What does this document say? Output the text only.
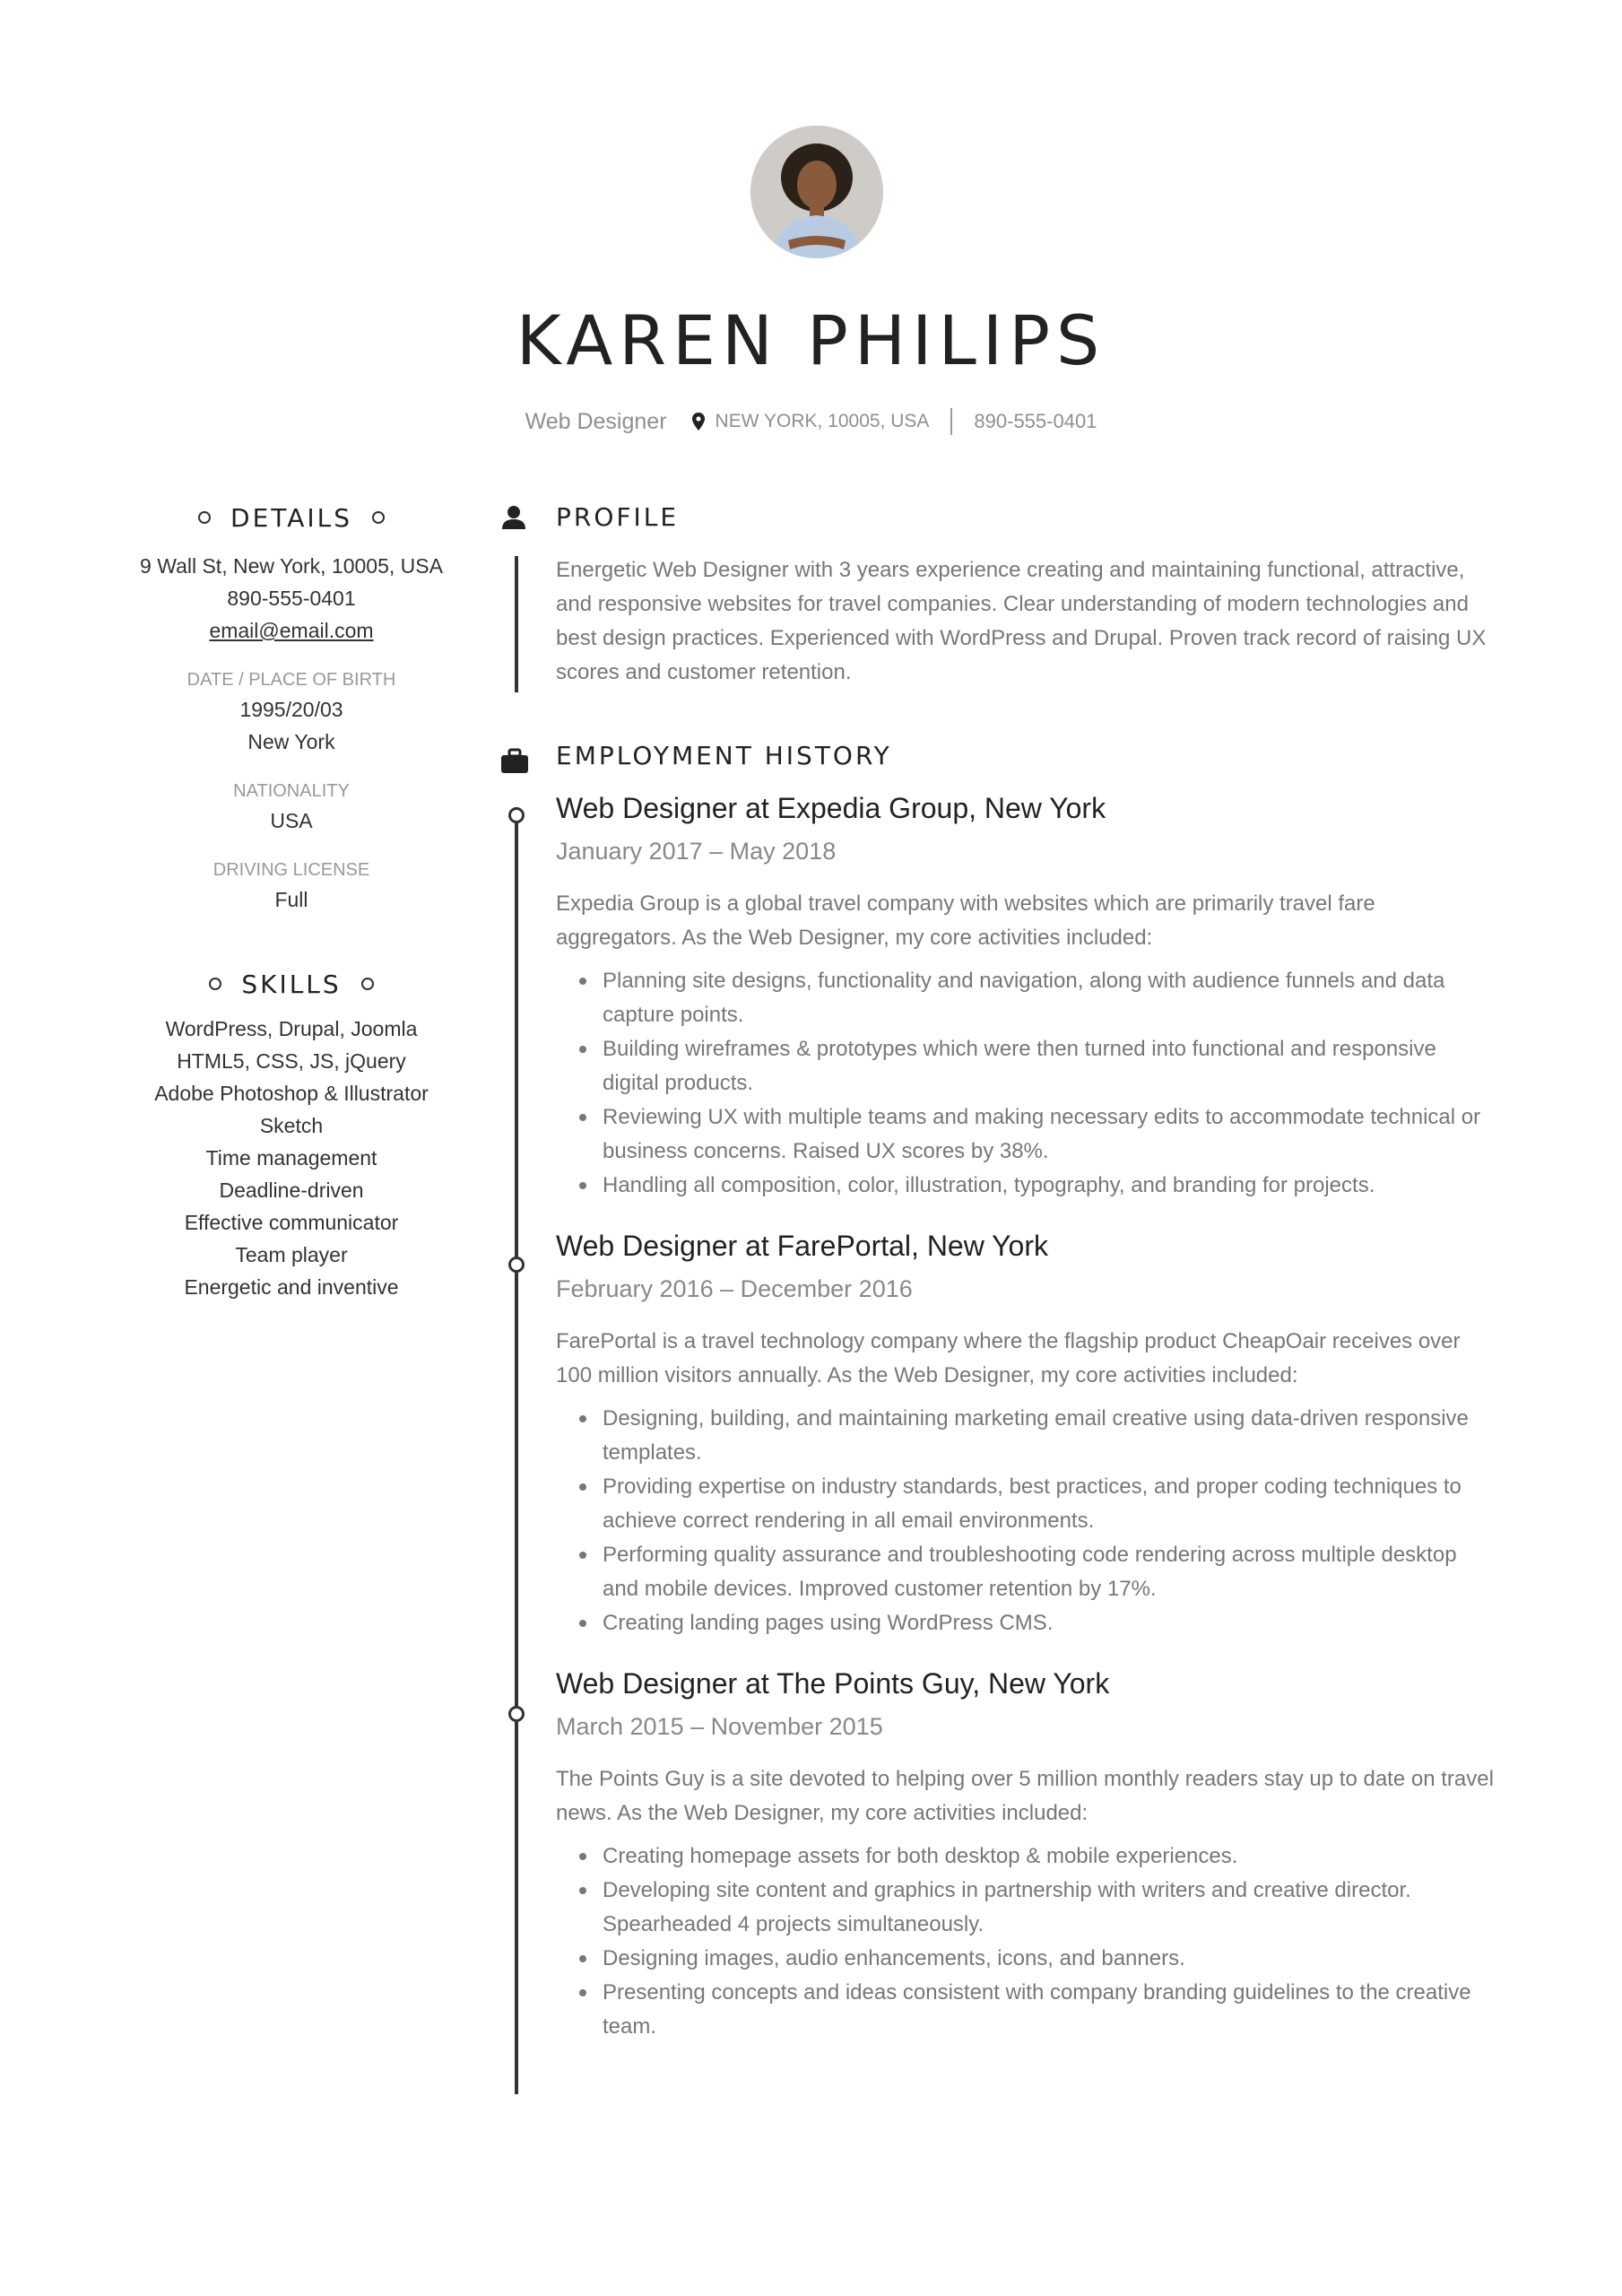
KAREN PHILIPS
Web Designer	NEW YORK, 10005, USA 890-555-0401
DETAILS
9 Wall St, New York, 10005, USA
890-555-0401
email@email.com
DATE / PLACE OF BIRTH
1995/20/03
New York
NATIONALITY
USA
DRIVING LICENSE
Full
SKILLS
WordPress, Drupal, Joomla
HTML5, CSS, JS, jQuery
Adobe Photoshop & Illustrator
Sketch
Time management
Deadline-driven
Effective communicator
Team player
Energetic and inventive
PROFILE

Energetic Web Designer with 3 years experience creating and maintaining functional, attractive, and responsive websites for travel companies. Clear understanding of modern technologies and best design practices. Experienced with WordPress and Drupal. Proven track record of raising UX scores and customer retention.

EMPLOYMENT HISTORY
Web Designer at Expedia Group, New York
January 2017 – May 2018

Expedia Group is a global travel company with websites which are primarily travel fare aggregators. As the Web Designer, my core activities included:

Planning site designs, functionality and navigation, along with audience funnels and data capture points.
Building wireframes & prototypes which were then turned into functional and responsive digital products.
Reviewing UX with multiple teams and making necessary edits to accommodate technical or business concerns. Raised UX scores by 38%.
Handling all composition, color, illustration, typography, and branding for projects.
Web Designer at FarePortal, New York
February 2016 – December 2016

FarePortal is a travel technology company where the flagship product CheapOair receives over 100 million visitors annually. As the Web Designer, my core activities included:

Designing, building, and maintaining marketing email creative using data-driven responsive templates.
Providing expertise on industry standards, best practices, and proper coding techniques to achieve correct rendering in all email environments.
Performing quality assurance and troubleshooting code rendering across multiple desktop and mobile devices. Improved customer retention by 17%.
Creating landing pages using WordPress CMS.
Web Designer at The Points Guy, New York
March 2015 – November 2015

The Points Guy is a site devoted to helping over 5 million monthly readers stay up to date on travel news. As the Web Designer, my core activities included:

Creating homepage assets for both desktop & mobile experiences.
Developing site content and graphics in partnership with writers and creative director. Spearheaded 4 projects simultaneously.
Designing images, audio enhancements, icons, and banners.
Presenting concepts and ideas consistent with company branding guidelines to the creative team.
